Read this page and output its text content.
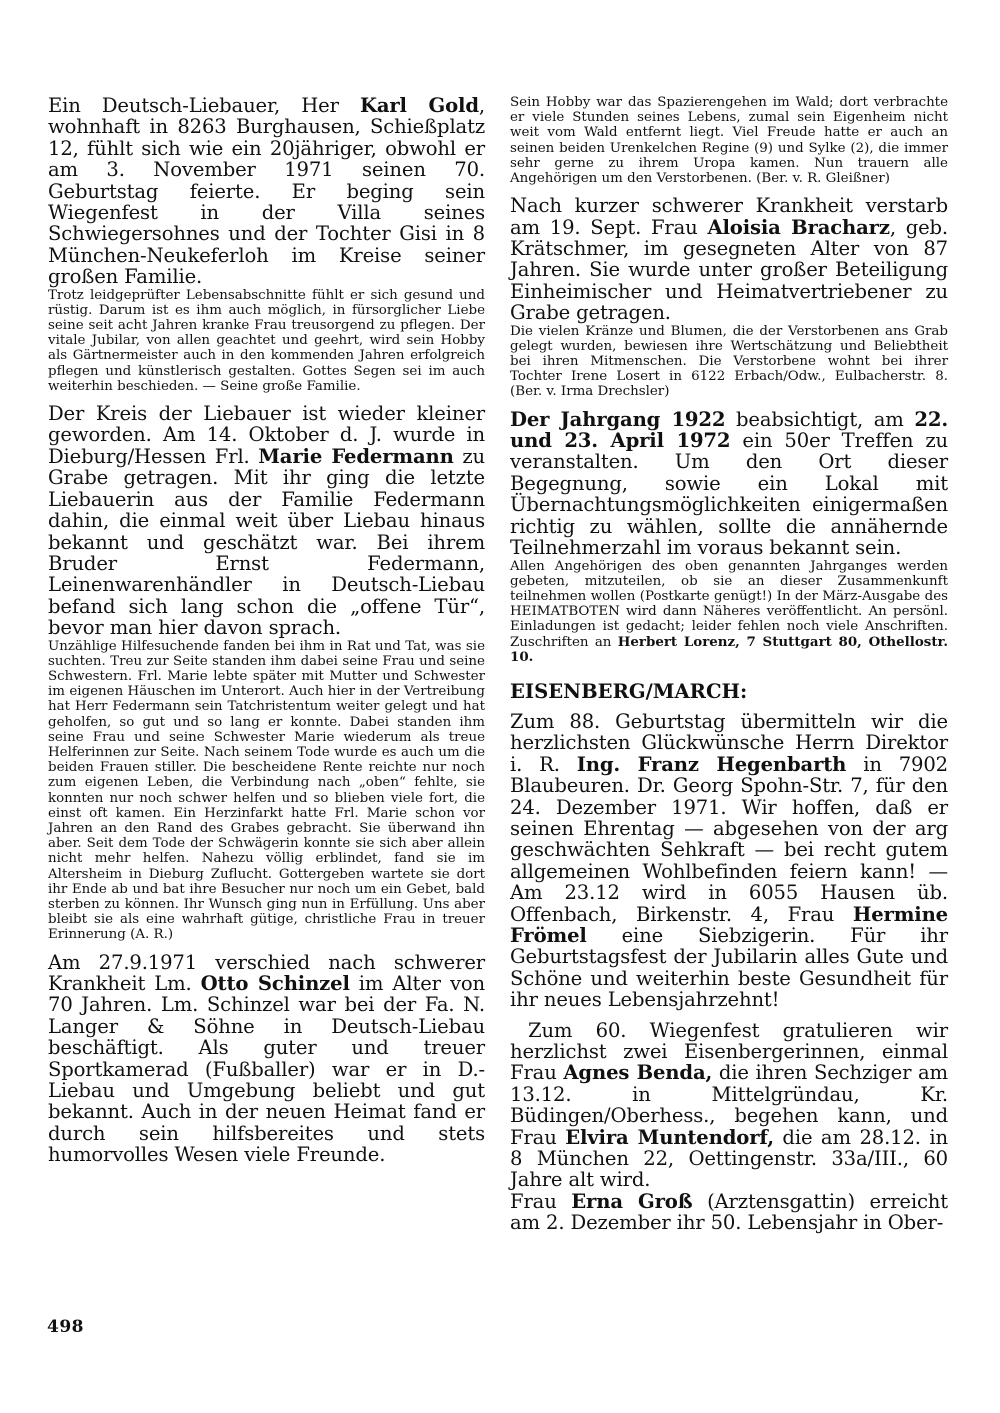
Ein Deutsch-Liebauer, Her Karl Gold, wohnhaft in 8263 Burghausen, Schießplatz 12, fühlt sich wie ein 20jähriger, obwohl er am 3. November 1971 seinen 70. Geburtstag feierte. Er beging sein Wiegenfest in der Villa seines Schwiegersohnes und der Tochter Gisi in 8 München-Neukeferloh im Kreise seiner großen Familie.

Trotz leidgeprüfter Lebensabschnitte fühlt er sich gesund und rüstig. Darum ist es ihm auch möglich, in fürsorglicher Liebe seine seit acht Jahren kranke Frau treusorgend zu pflegen. Der vitale Jubilar, von allen geachtet und geehrt, wird sein Hobby als Gärtnermeister auch in den kommenden Jahren erfolgreich pflegen und künstlerisch gestalten. Gottes Segen sei im auch weiterhin beschieden. — Seine große Familie.

Der Kreis der Liebauer ist wieder kleiner geworden. Am 14. Oktober d. J. wurde in Dieburg/Hessen Frl. Marie Federmann zu Grabe getragen. Mit ihr ging die letzte Liebauerin aus der Familie Federmann dahin, die einmal weit über Liebau hinaus bekannt und geschätzt war. Bei ihrem Bruder Ernst Federmann, Leinenwarenhändler in Deutsch-Liebau befand sich lang schon die „offene Tür“, bevor man hier davon sprach.

Unzählige Hilfesuchende fanden bei ihm in Rat und Tat, was sie suchten. Treu zur Seite standen ihm dabei seine Frau und seine Schwestern. Frl. Marie lebte später mit Mutter und Schwester im eigenen Häuschen im Unterort. Auch hier in der Vertreibung hat Herr Federmann sein Tatchristentum weiter gelegt und hat geholfen, so gut und so lang er konnte. Dabei standen ihm seine Frau und seine Schwester Marie wiederum als treue Helferinnen zur Seite. Nach seinem Tode wurde es auch um die beiden Frauen stiller. Die bescheidene Rente reichte nur noch zum eigenen Leben, die Verbindung nach „oben“ fehlte, sie konnten nur noch schwer helfen und so blieben viele fort, die einst oft kamen. Ein Herzinfarkt hatte Frl. Marie schon vor Jahren an den Rand des Grabes gebracht. Sie überwand ihn aber. Seit dem Tode der Schwägerin konnte sie sich aber allein nicht mehr helfen. Nahezu völlig erblindet, fand sie im Altersheim in Dieburg Zuflucht. Gottergeben wartete sie dort ihr Ende ab und bat ihre Besucher nur noch um ein Gebet, bald sterben zu können. Ihr Wunsch ging nun in Erfüllung. Uns aber bleibt sie als eine wahrhaft gütige, christliche Frau in treuer Erinnerung (A. R.)

Am 27.9.1971 verschied nach schwerer Krankheit Lm. Otto Schinzel im Alter von 70 Jahren. Lm. Schinzel war bei der Fa. N. Langer & Söhne in Deutsch-Liebau beschäftigt. Als guter und treuer Sportkamerad (Fußballer) war er in D.-Liebau und Umgebung beliebt und gut bekannt. Auch in der neuen Heimat fand er durch sein hilfsbereites und stets humorvolles Wesen viele Freunde.

Sein Hobby war das Spazierengehen im Wald; dort verbrachte er viele Stunden seines Lebens, zumal sein Eigenheim nicht weit vom Wald entfernt liegt. Viel Freude hatte er auch an seinen beiden Urenkelchen Regine (9) und Sylke (2), die immer sehr gerne zu ihrem Uropa kamen. Nun trauern alle Angehörigen um den Verstorbenen. (Ber. v. R. Gleißner)

Nach kurzer schwerer Krankheit verstarb am 19. Sept. Frau Aloisia Bracharz, geb. Krätschmer, im gesegneten Alter von 87 Jahren. Sie wurde unter großer Beteiligung Einheimischer und Heimatvertriebener zu Grabe getragen.

Die vielen Kränze und Blumen, die der Verstorbenen ans Grab gelegt wurden, bewiesen ihre Wertschätzung und Beliebtheit bei ihren Mitmenschen. Die Verstorbene wohnt bei ihrer Tochter Irene Losert in 6122 Erbach/Odw., Eulbacherstr. 8. (Ber. v. Irma Drechsler)

Der Jahrgang 1922 beabsichtigt, am 22. und 23. April 1972 ein 50er Treffen zu veranstalten. Um den Ort dieser Begegnung, sowie ein Lokal mit Übernachtungsmöglichkeiten einigermaßen richtig zu wählen, sollte die annähernde Teilnehmerzahl im voraus bekannt sein.

Allen Angehörigen des oben genannten Jahrganges werden gebeten, mitzuteilen, ob sie an dieser Zusammenkunft teilnehmen wollen (Postkarte genügt!) In der März-Ausgabe des HEIMATBOTEN wird dann Näheres veröffentlicht. An persönl. Einladungen ist gedacht; leider fehlen noch viele Anschriften. Zuschriften an Herbert Lorenz, 7 Stuttgart 80, Othellostr. 10.

EISENBERG/MARCH:

Zum 88. Geburtstag übermitteln wir die herzlichsten Glückwünsche Herrn Direktor i. R. Ing. Franz Hegenbarth in 7902 Blaubeuren. Dr. Georg Spohn-Str. 7, für den 24. Dezember 1971. Wir hoffen, daß er seinen Ehrentag — abgesehen von der arg geschwächten Sehkraft — bei recht gutem allgemeinen Wohlbefinden feiern kann! — Am 23.12 wird in 6055 Hausen üb. Offenbach, Birkenstr. 4, Frau Hermine Frömel eine Siebzigerin. Für ihr Geburtstagsfest der Jubilarin alles Gute und Schöne und weiterhin beste Gesundheit für ihr neues Lebensjahrzehnt!

Zum 60. Wiegenfest gratulieren wir herzlichst zwei Eisenbergerinnen, einmal Frau Agnes Benda, die ihren Sechziger am 13.12. in Mittelgründau, Kr. Büdingen/Oberhess., begehen kann, und Frau Elvira Muntendorf, die am 28.12. in 8 München 22, Oettingenstr. 33a/III., 60 Jahre alt wird.

Frau Erna Groß (Arztensgattin) erreicht am 2. Dezember ihr 50. Lebensjahr in Ober-

498
